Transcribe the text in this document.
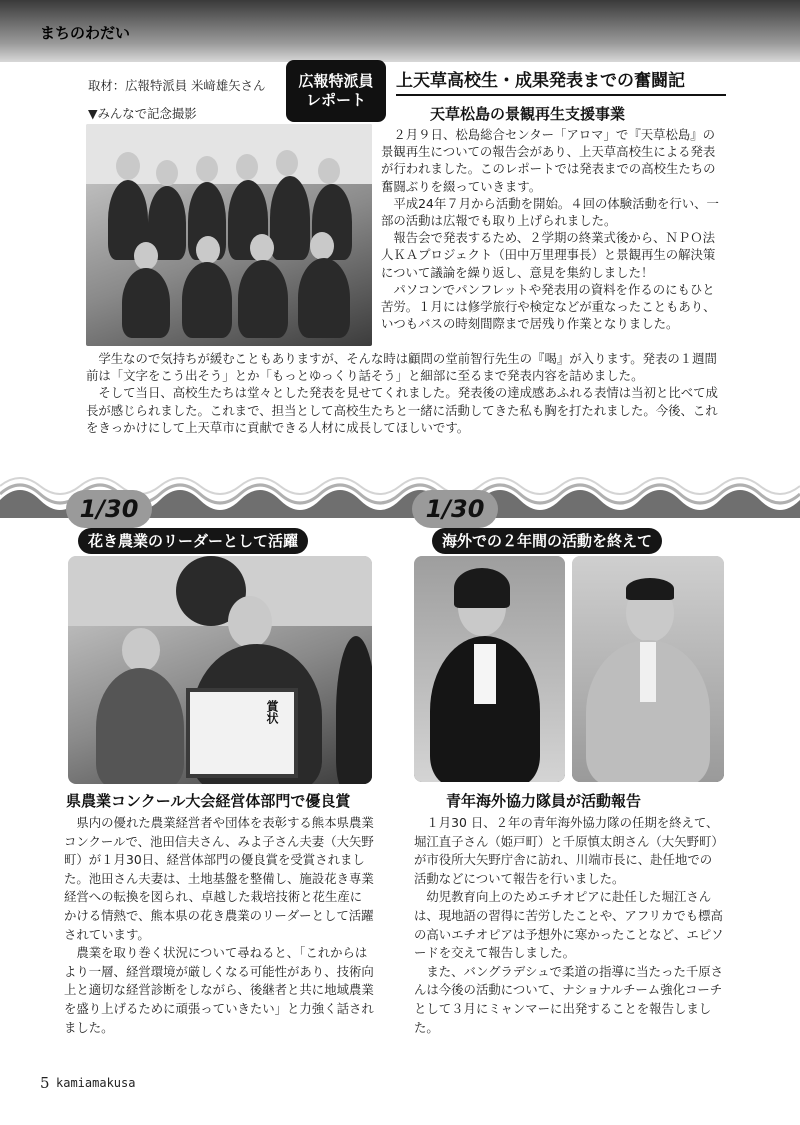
まちのわだい
取材：広報特派員 米﨑雄矢さん
▼みんなで記念撮影
広報特派員
レポート
上天草高校生・成果発表までの奮闘記
天草松島の景観再生支援事業

２月９日、松島総合センター「アロマ」で『天草松島』の景観再生についての報告会があり、上天草高校生による発表が行われました。このレポートでは発表までの高校生たちの奮闘ぶりを綴っていきます。

平成24年７月から活動を開始。４回の体験活動を行い、一部の活動は広報でも取り上げられました。

報告会で発表するため、２学期の終業式後から、ＮＰＯ法人ＫＡプロジェクト（田中万里理事長）と景観再生の解決策について議論を繰り返し、意見を集約しました！

パソコンでパンフレットや発表用の資料を作るのにもひと苦労。１月には修学旅行や検定などが重なったこともあり、いつもバスの時刻間際まで居残り作業となりました。

学生なので気持ちが緩むこともありますが、そんな時は顧問の堂前智行先生の『喝』が入ります。発表の１週間前は「文字をこう出そう」とか「もっとゆっくり話そう」と細部に至るまで発表内容を詰めました。

そして当日、高校生たちは堂々とした発表を見せてくれました。発表後の達成感あふれる表情は当初と比べて成長が感じられました。これまで、担当として高校生たちと一緒に活動してきた私も胸を打たれました。今後、これをきっかけにして上天草市に貢献できる人材に成長してほしいです。

1/30
花き農業のリーダーとして活躍
1/30
海外での２年間の活動を終えて
賞状
県農業コンクール大会経営体部門で優良賞

県内の優れた農業経営者や団体を表彰する熊本県農業コンクールで、池田信夫さん、みよ子さん夫妻（大矢野町）が１月30日、経営体部門の優良賞を受賞されました。池田さん夫妻は、土地基盤を整備し、施設花き専業経営への転換を図られ、卓越した栽培技術と花生産にかける情熱で、熊本県の花き農業のリーダーとして活躍されています。

農業を取り巻く状況について尋ねると、「これからはより一層、経営環境が厳しくなる可能性があり、技術向上と適切な経営診断をしながら、後継者と共に地域農業を盛り上げるために頑張っていきたい」と力強く話されました。

青年海外協力隊員が活動報告

１月30 日、２年の青年海外協力隊の任期を終えて、堀江直子さん（姫戸町）と千原慎太朗さん（大矢野町）が市役所大矢野庁舎に訪れ、川端市長に、赴任地での活動などについて報告を行いました。

幼児教育向上のためエチオピアに赴任した堀江さんは、現地語の習得に苦労したことや、アフリカでも標高の高いエチオピアは予想外に寒かったことなど、エピソードを交えて報告しました。

また、バングラデシュで柔道の指導に当たった千原さんは今後の活動について、ナショナルチーム強化コーチとして３月にミャンマーに出発することを報告しました。

5 kamiamakusa
